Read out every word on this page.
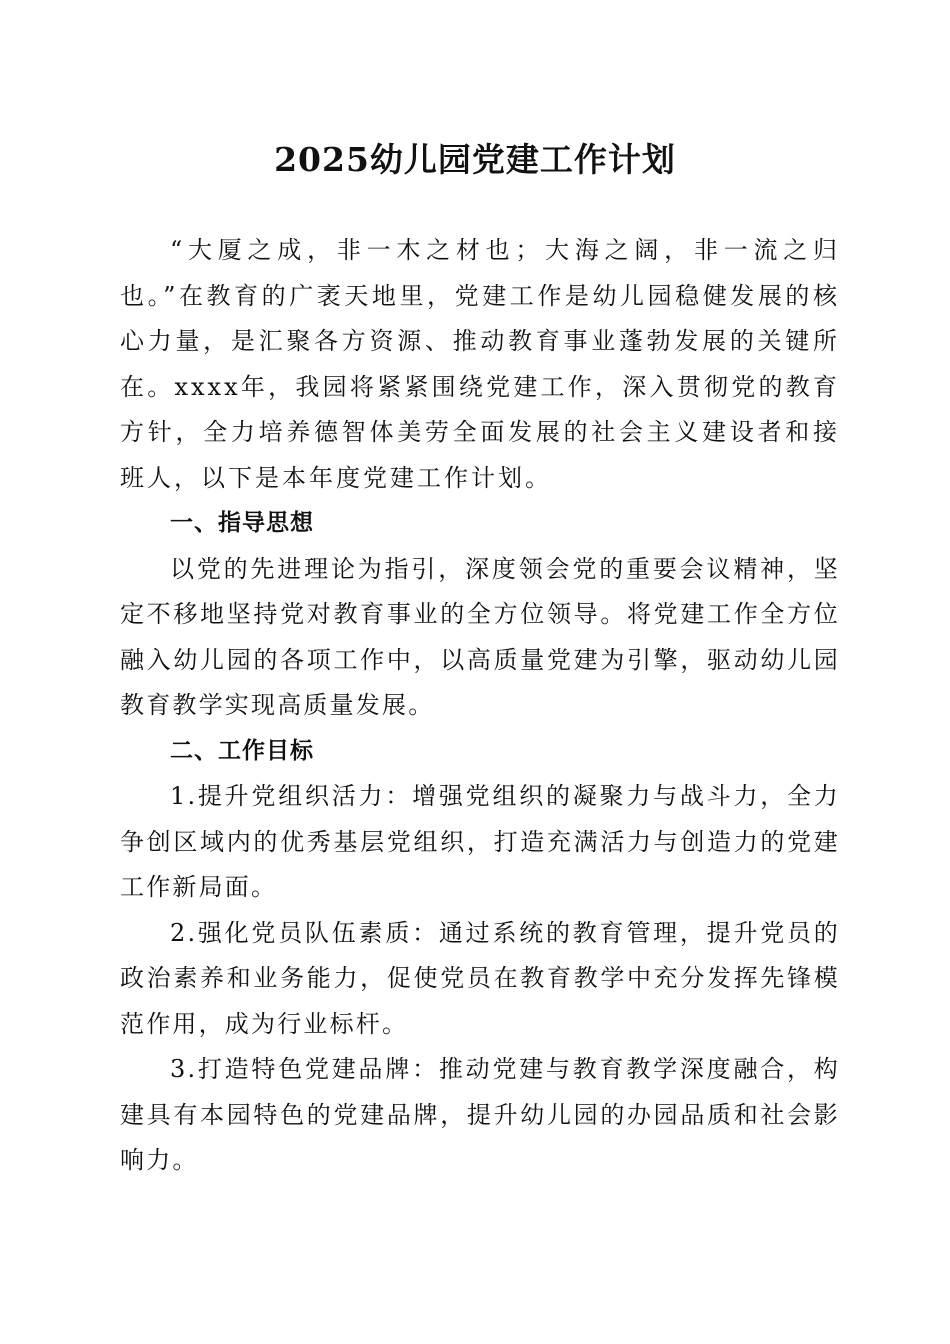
2025幼儿园党建工作计划

“大厦之成，非一木之材也；大海之阔，非一流之归也。”在教育的广袤天地里，党建工作是幼儿园稳健发展的核心力量，是汇聚各方资源、推动教育事业蓬勃发展的关键所在。xxxx年，我园将紧紧围绕党建工作，深入贯彻党的教育方针，全力培养德智体美劳全面发展的社会主义建设者和接班人，以下是本年度党建工作计划。

一、指导思想

以党的先进理论为指引，深度领会党的重要会议精神，坚定不移地坚持党对教育事业的全方位领导。将党建工作全方位融入幼儿园的各项工作中，以高质量党建为引擎，驱动幼儿园教育教学实现高质量发展。

二、工作目标

1.提升党组织活力：增强党组织的凝聚力与战斗力，全力争创区域内的优秀基层党组织，打造充满活力与创造力的党建工作新局面。

2.强化党员队伍素质：通过系统的教育管理，提升党员的政治素养和业务能力，促使党员在教育教学中充分发挥先锋模范作用，成为行业标杆。

3.打造特色党建品牌：推动党建与教育教学深度融合，构建具有本园特色的党建品牌，提升幼儿园的办园品质和社会影响力。
